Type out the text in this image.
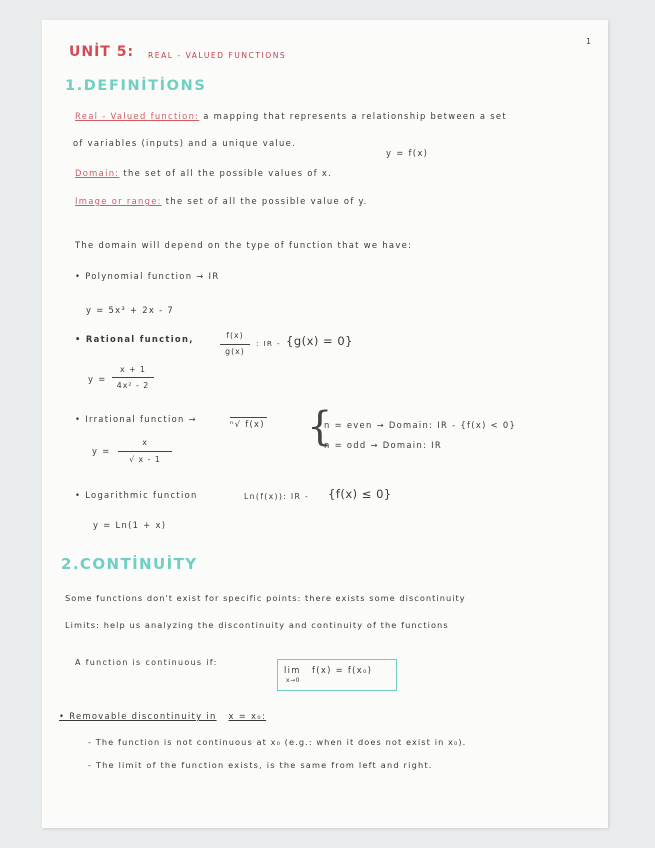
1
UNİT 5: REAL - VALUED FUNCTIONS
1.DEFINİTİONS
Real - Valued function: a mapping that represents a relationship between a set
of variables (inputs) and a unique value.
y = f(x)
Domain: the set of all the possible values of x.
Image or range: the set of all the possible value of y.
The domain will depend on the type of function that we have:
• Polynomial function → IR
y = 5x³ + 2x - 7
• Rational function,	f(x)
g(x)
: IR - {g(x) = 0}
y =
x + 1
4x² - 2
• Irrational function →	ⁿ√ f(x) {
n = even → Domain: IR - {f(x) < 0}
n = odd → Domain: IR
y =
x
√ x - 1
• Logarithmic function	Ln(f(x)): IR - {f(x) ≤ 0}
y = Ln(1 + x)
2.CONTİNUİTY
Some functions don't exist for specific points: there exists some discontinuity
Limits: help us analyzing the discontinuity and continuity of the functions
A function is continuous if:
lim f(x) = f(x₀)
x→0
• Removable discontinuity in x = x₀:
- The function is not continuous at x₀ (e.g.: when it does not exist in x₀).
- The limit of the function exists, is the same from left and right.
